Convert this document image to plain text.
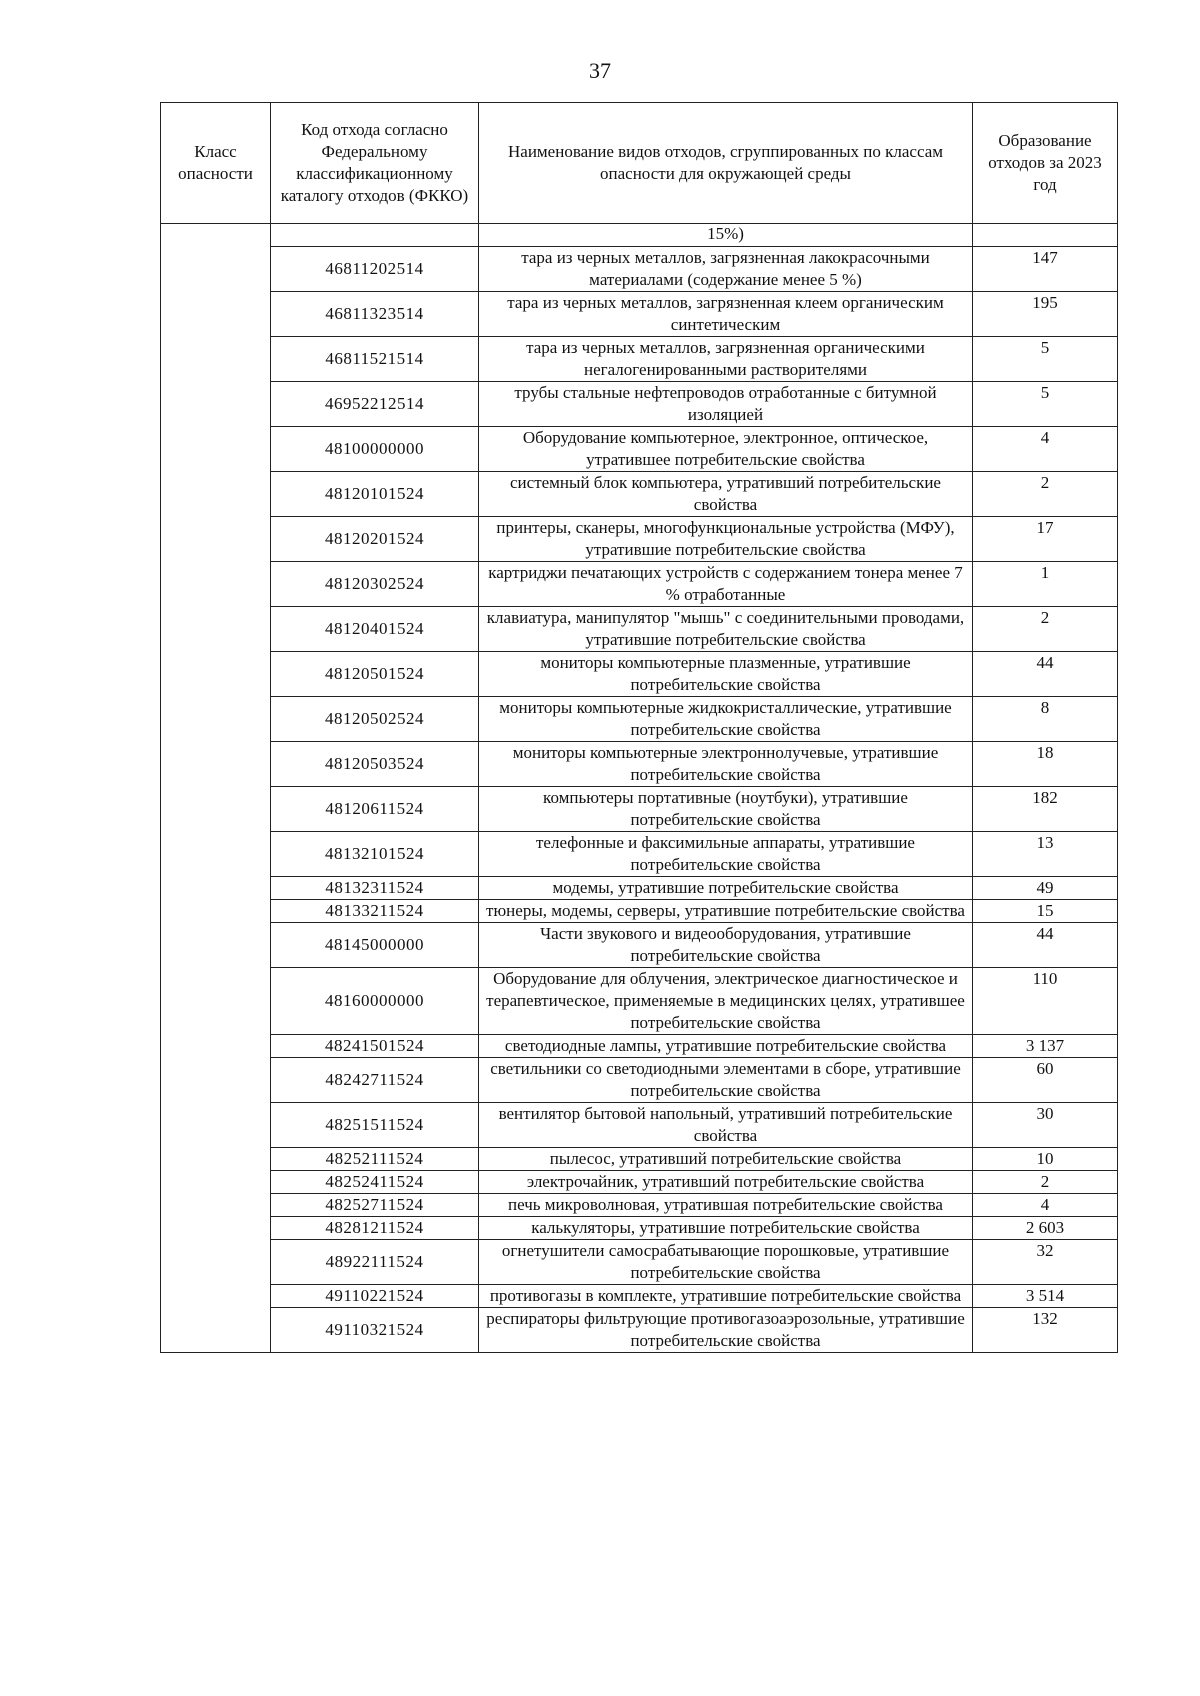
37
Класс опасности	Код отхода согласно Федеральному классификационному каталогу отходов (ФККО)	Наименование видов отходов, сгруппированных по классам опасности для окружающей среды	Образование отходов за 2023 год
		15%)	
	46811202514	тара из черных металлов, загрязненная лакокрасочными материалами (содержание менее 5 %)	147
	46811323514	тара из черных металлов, загрязненная клеем органическим синтетическим	195
	46811521514	тара из черных металлов, загрязненная органическими негалогенированными растворителями	5
	46952212514	трубы стальные нефтепроводов отработанные с битумной изоляцией	5
	48100000000	Оборудование компьютерное, электронное, оптическое, утратившее потребительские свойства	4
	48120101524	системный блок компьютера, утративший потребительские свойства	2
	48120201524	принтеры, сканеры, многофункциональные устройства (МФУ), утратившие потребительские свойства	17
	48120302524	картриджи печатающих устройств с содержанием тонера менее 7 % отработанные	1
	48120401524	клавиатура, манипулятор "мышь" с соединительными проводами, утратившие потребительские свойства	2
	48120501524	мониторы компьютерные плазменные, утратившие потребительские свойства	44
	48120502524	мониторы компьютерные жидкокристаллические, утратившие потребительские свойства	8
	48120503524	мониторы компьютерные электроннолучевые, утратившие потребительские свойства	18
	48120611524	компьютеры портативные (ноутбуки), утратившие потребительские свойства	182
	48132101524	телефонные и факсимильные аппараты, утратившие потребительские свойства	13
	48132311524	модемы, утратившие потребительские свойства	49
	48133211524	тюнеры, модемы, серверы, утратившие потребительские свойства	15
	48145000000	Части звукового и видеооборудования, утратившие потребительские свойства	44
	48160000000	Оборудование для облучения, электрическое диагностическое и терапевтическое, применяемые в медицинских целях, утратившее потребительские свойства	110
	48241501524	светодиодные лампы, утратившие потребительские свойства	3 137
	48242711524	светильники со светодиодными элементами в сборе, утратившие потребительские свойства	60
	48251511524	вентилятор бытовой напольный, утративший потребительские свойства	30
	48252111524	пылесос, утративший потребительские свойства	10
	48252411524	электрочайник, утративший потребительские свойства	2
	48252711524	печь микроволновая, утратившая потребительские свойства	4
	48281211524	калькуляторы, утратившие потребительские свойства	2 603
	48922111524	огнетушители самосрабатывающие порошковые, утратившие потребительские свойства	32
	49110221524	противогазы в комплекте, утратившие потребительские свойства	3 514
	49110321524	респираторы фильтрующие противогазоаэрозольные, утратившие потребительские свойства	132
